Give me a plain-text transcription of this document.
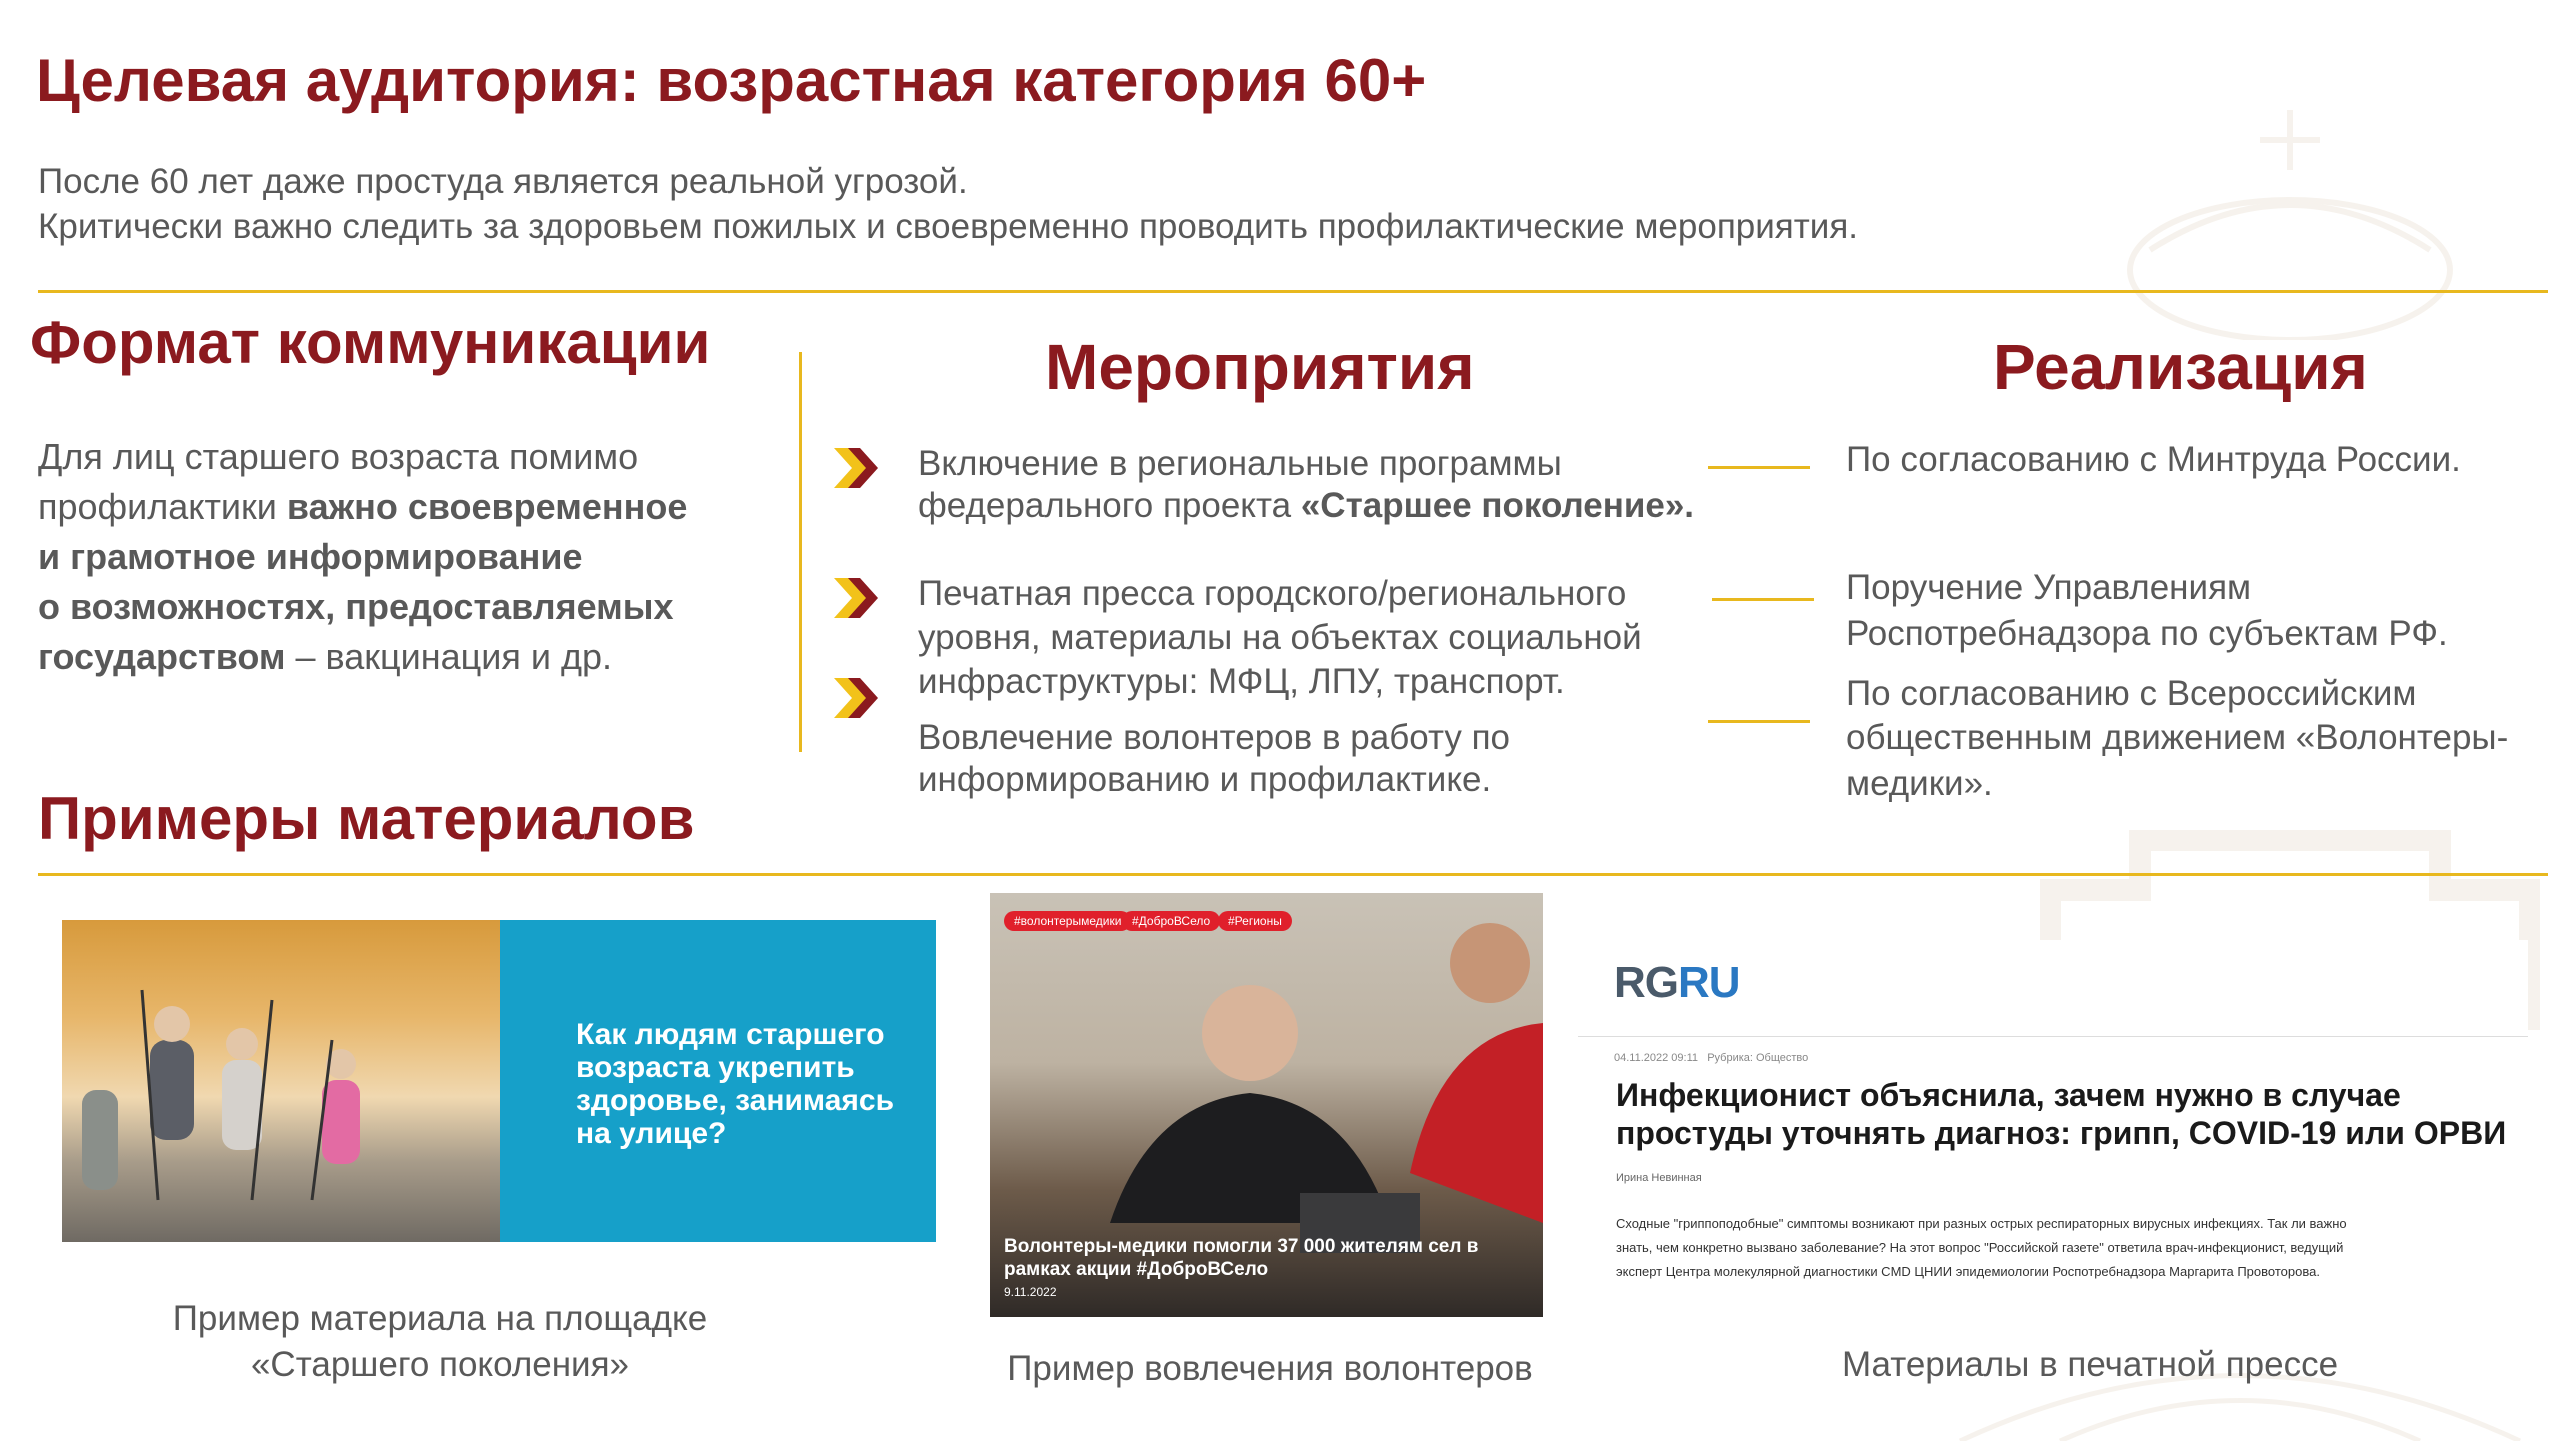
Целевая аудитория: возрастная категория 60+
После 60 лет даже простуда является реальной угрозой.
Критически важно следить за здоровьем пожилых и своевременно проводить профилактические мероприятия.
Формат коммуникации
Для лиц старшего возраста помимо
профилактики важно своевременное
и грамотное информирование
о возможностях, предоставляемых
государством – вакцинация и др.
Мероприятия
Включение в региональные программы
федерального проекта «Старшее поколение».
Печатная пресса городского/регионального
уровня, материалы на объектах социальной
инфраструктуры: МФЦ, ЛПУ, транспорт.
Вовлечение волонтеров в работу по
информированию и профилактике.
Реализация
По согласованию с Минтруда России.
Поручение Управлениям
Роспотребнадзора по субъектам РФ.
По согласованию с Всероссийским
общественным движением «Волонтеры-
медики».
Примеры материалов
Как людям старшего возраста укрепить здоровье, занимаясь на улице?
Пример материала на площадке
«Старшего поколения»
#волонтерымедики #ДоброВСело	#Регионы
Волонтеры-медики помогли 37 000 жителям сел в рамках акции #ДоброВСело
9.11.2022
Пример вовлечения волонтеров
RGRU
04.11.2022 09:11 Рубрика: Общество
Инфекционист объяснила, зачем нужно в случае
простуды уточнять диагноз: грипп, COVID-19 или ОРВИ
Ирина Невинная
Сходные "гриппоподобные" симптомы возникают при разных острых респираторных вирусных инфекциях. Так ли важно
знать, чем конкретно вызвано заболевание? На этот вопрос "Российской газете" ответила врач-инфекционист, ведущий
эксперт Центра молекулярной диагностики CMD ЦНИИ эпидемиологии Роспотребнадзора Маргарита Провоторова.
Материалы в печатной прессе
